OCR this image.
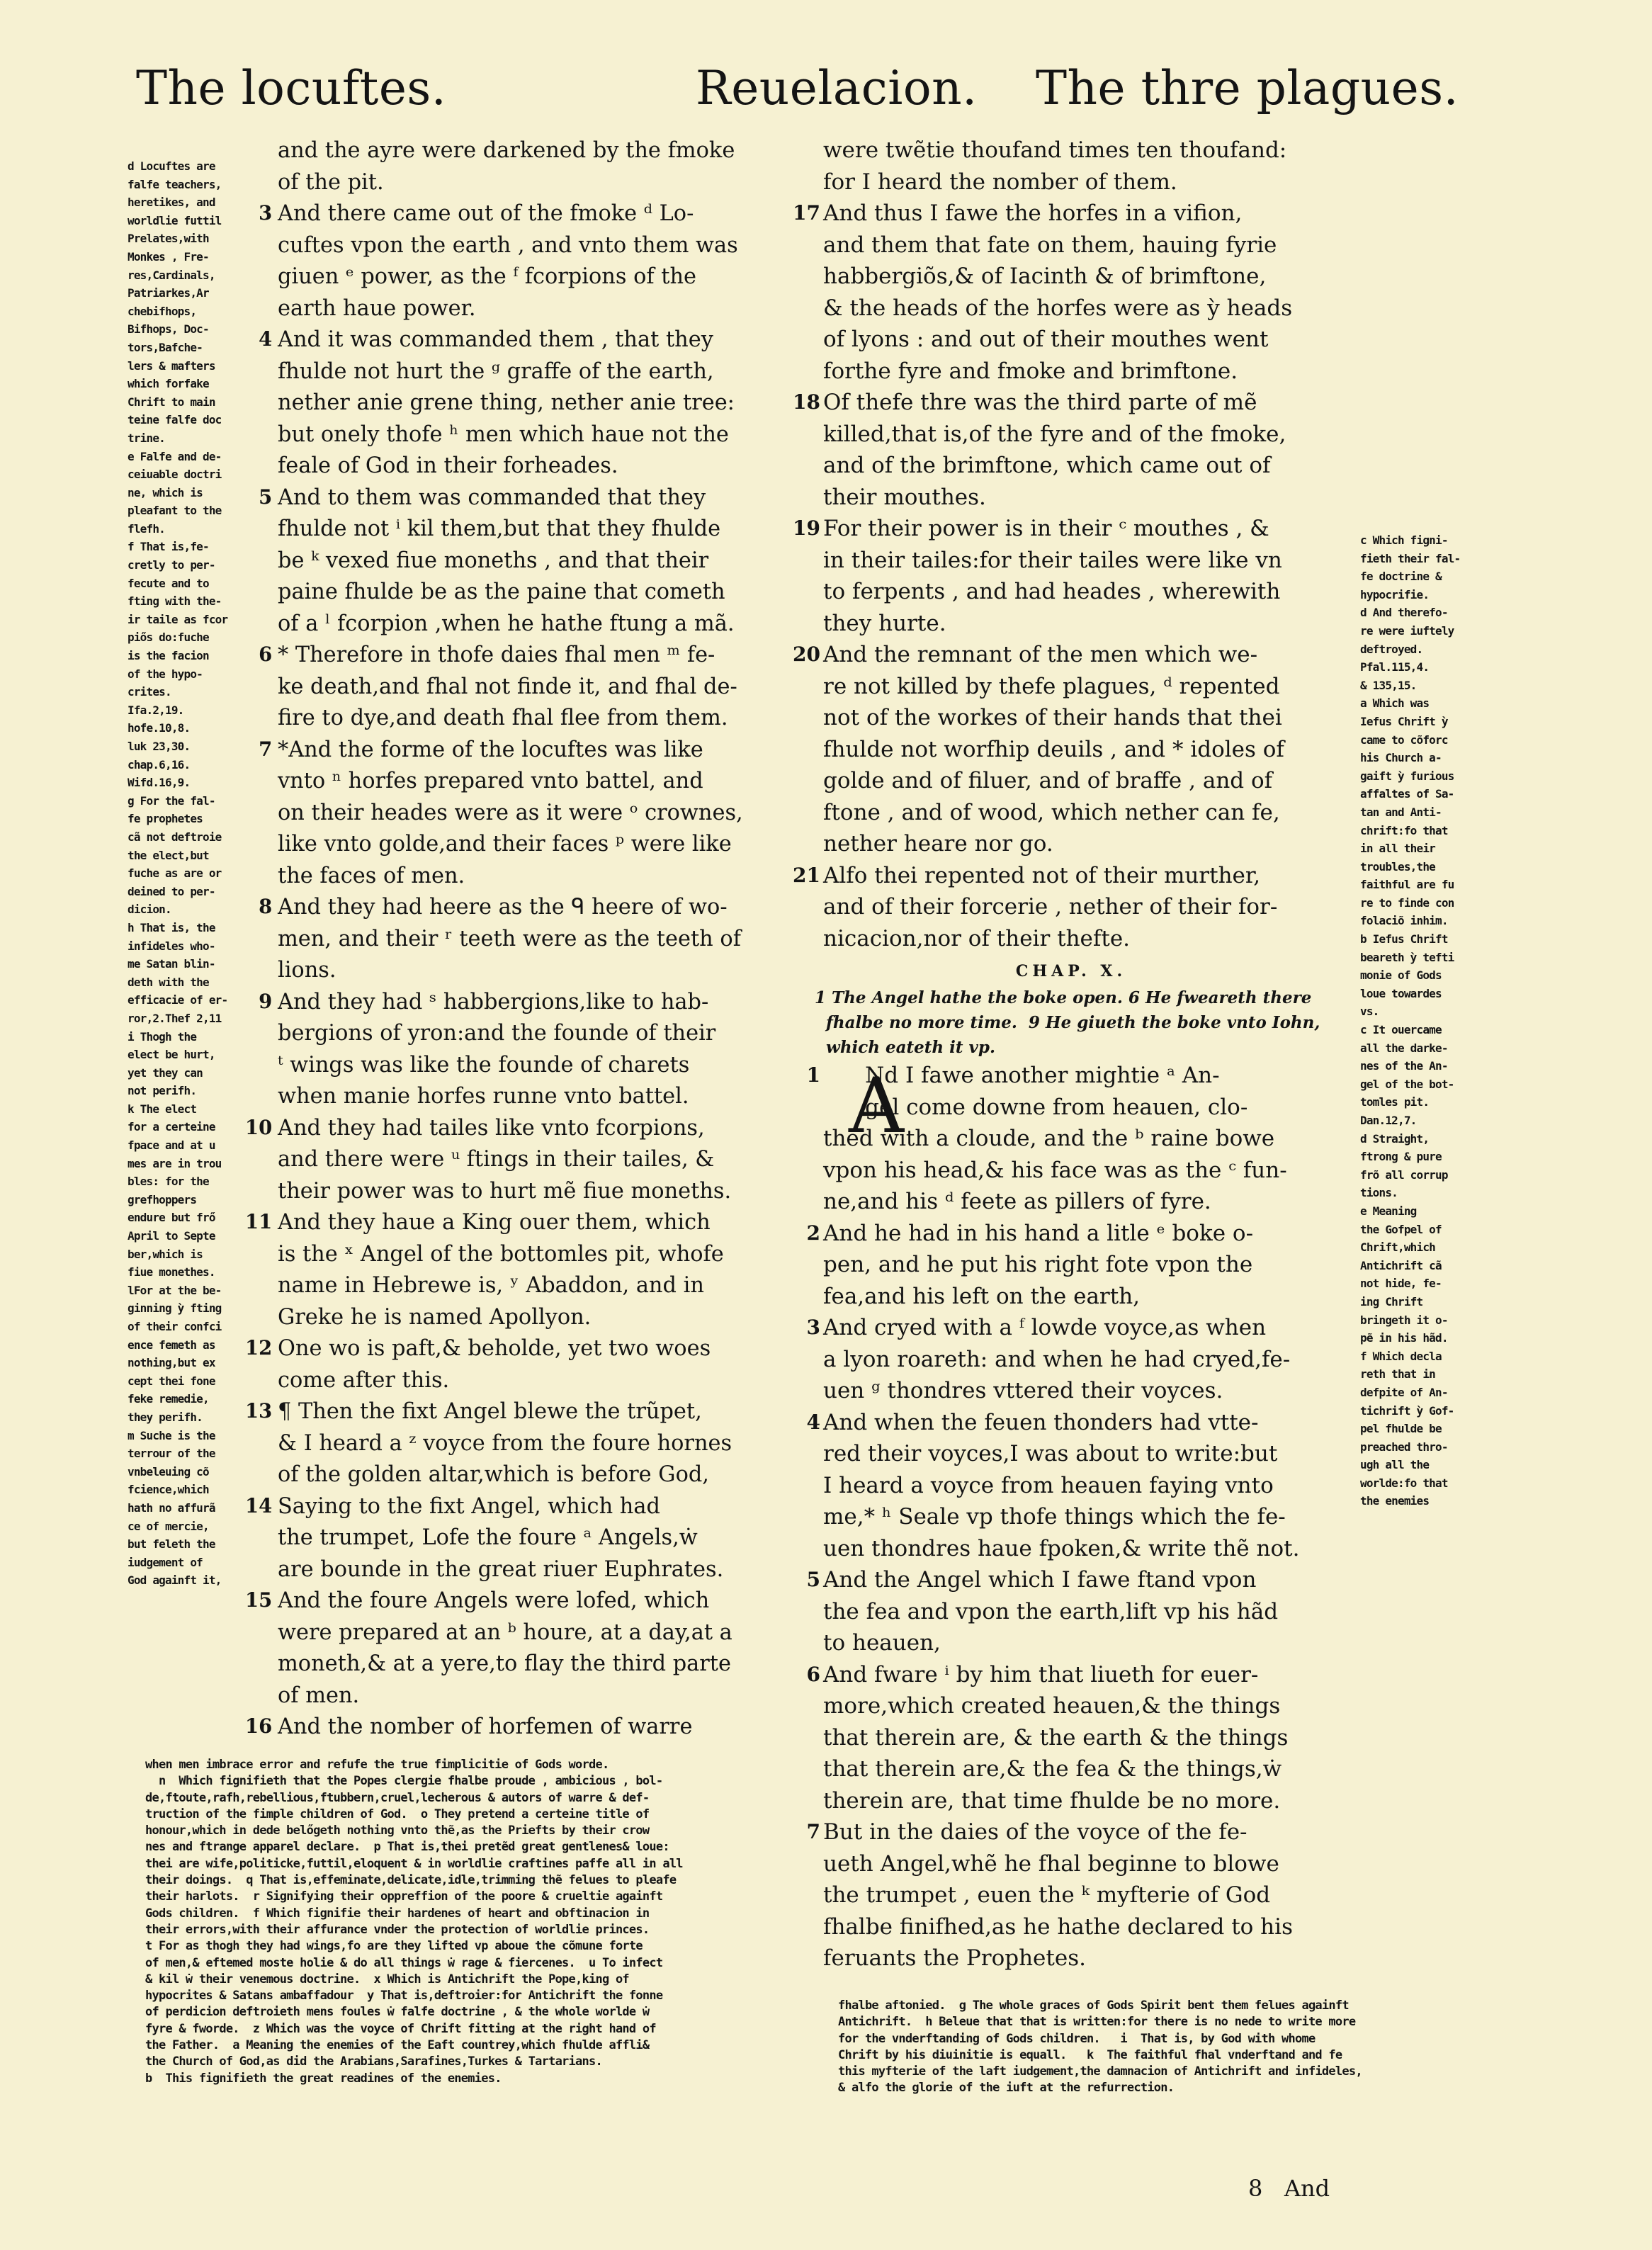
The locuftes.	Reuelacion. The thre plagues.
d Locuftes are
falfe teachers,
heretikes, and
worldlie futtil
Prelates,with
Monkes , Fre-
res,Cardinals,
Patriarkes,Ar
chebifhops,
Bifhops, Doc-
tors,Bafche-
lers & mafters
which forfake
Chrift to main
teine falfe doc
trine.
e Falfe and de-
ceiuable doctri
ne, which is
pleafant to the
flefh.
f That is,fe-
cretly to per-
fecute and to
fting with the-
ir taile as fcor
piős do:fuche
is the facion
of the hypo-
crites.
Ifa.2,19.
hofe.10,8.
luk 23,30.
chap.6,16.
Wifd.16,9.
g For the fal-
fe prophetes
cã not deftroie
the elect,but
fuche as are or
deined to per-
dicion.
h That is, the
infideles who-
me Satan blin-
deth with the
efficacie of er-
ror,2.Thef 2,11
i Thogh the
elect be hurt,
yet they can
not perifh.
k The elect
for a certeine
fpace and at u
mes are in trou
bles: for the
grefhoppers
endure but frő
April to Septe
ber,which is
fiue monethes.
lFor at the be-
ginning ỳ fting
of their confci
ence femeth as
nothing,but ex
cept thei fone
feke remedie,
they perifh.
m Suche is the
terrour of the
vnbeleuing cõ
fcience,which
hath no affurã
ce of mercie,
but feleth the
iudgement of
God againft it,
and the ayre were darkened by the fmoke
of the pit.
3 And there came out of the fmoke ᵈ Lo-
cuftes vpon the earth , and vnto them was
giuen ᵉ power, as the ᶠ fcorpions of the
earth haue power.
4 And it was commanded them , that they
fhulde not hurt the ᵍ graffe of the earth,
nether anie grene thing, nether anie tree:
but onely thofe ʰ men which haue not the
feale of God in their forheades.
5 And to them was commanded that they
fhulde not ⁱ kil them,but that they fhulde
be ᵏ vexed fiue moneths , and that their
paine fhulde be as the paine that cometh
of a ˡ fcorpion ,when he hathe ftung a mã.
6 * Therefore in thofe daies fhal men ᵐ fe-
ke death,and fhal not finde it, and fhal de-
fire to dye,and death fhal flee from them.
7 *And the forme of the locuftes was like
vnto ⁿ horfes prepared vnto battel, and
on their heades were as it were ᵒ crownes,
like vnto golde,and their faces ᵖ were like
the faces of men.
8 And they had heere as the ᑫ heere of wo-
men, and their ʳ teeth were as the teeth of
lions.
9 And they had ˢ habbergions,like to hab-
bergions of yron:and the founde of their
ᵗ wings was like the founde of charets
when manie horfes runne vnto battel.
10 And they had tailes like vnto fcorpions,
and there were ᵘ ftings in their tailes, &
their power was to hurt mẽ fiue moneths.
11 And they haue a King ouer them, which
is the ˣ Angel of the bottomles pit, whofe
name in Hebrewe is, ʸ Abaddon, and in
Greke he is named Apollyon.
12 One wo is paft,& beholde, yet two woes
come after this.
13 ¶ Then the fixt Angel blewe the trũpet,
& I heard a ᶻ voyce from the foure hornes
of the golden altar,which is before God,
14 Saying to the fixt Angel, which had
the trumpet, Lofe the foure ᵃ Angels,ẇ
are bounde in the great riuer Euphrates.
15 And the foure Angels were lofed, which
were prepared at an ᵇ houre, at a day,at a
moneth,& at a yere,to flay the third parte
of men.
16 And the nomber of horfemen of warre
were twẽtie thoufand times ten thoufand:
for I heard the nomber of them.
17 And thus I fawe the horfes in a vifion,
and them that fate on them, hauing fyrie
habbergiõs,& of Iacinth & of brimftone,
& the heads of the horfes were as ỳ heads
of lyons : and out of their mouthes went
forthe fyre and fmoke and brimftone.
18 Of thefe thre was the third parte of mẽ
killed,that is,of the fyre and of the fmoke,
and of the brimftone, which came out of
their mouthes.
19 For their power is in their ᶜ mouthes , &
in their tailes:for their tailes were like vn
to ferpents , and had heades , wherewith
they hurte.
20 And the remnant of the men which we-
re not killed by thefe plagues, ᵈ repented
not of the workes of their hands that thei
fhulde not worfhip deuils , and * idoles of
golde and of filuer, and of braffe , and of
ftone , and of wood, which nether can fe,
nether heare nor go.
21 Alfo thei repented not of their murther,
and of their forcerie , nether of their for-
nicacion,nor of their thefte.
CHAP. X.
1 The Angel hathe the boke open. 6 He fweareth there
fhalbe no more time.  9 He giueth the boke vnto Iohn,
which eateth it vp.
A
1 Nd I fawe another mightie ᵃ An-
gel come downe from heauen, clo-
thed with a cloude, and the ᵇ raine bowe
vpon his head,& his face was as the ᶜ fun-
ne,and his ᵈ feete as pillers of fyre.
2 And he had in his hand a litle ᵉ boke o-
pen, and he put his right fote vpon the
fea,and his left on the earth,
3 And cryed with a ᶠ lowde voyce,as when
a lyon roareth: and when he had cryed,fe-
uen ᵍ thondres vttered their voyces.
4 And when the feuen thonders had vtte-
red their voyces,I was about to write:but
I heard a voyce from heauen faying vnto
me,* ʰ Seale vp thofe things which the fe-
uen thondres haue fpoken,& write thẽ not.
5 And the Angel which I fawe ftand vpon
the fea and vpon the earth,lift vp his hãd
to heauen,
6 And fware ⁱ by him that liueth for euer-
more,which created heauen,& the things
that therein are, & the earth & the things
that therein are,& the fea & the things,ẇ
therein are, that time fhulde be no more.
7 But in the daies of the voyce of the fe-
ueth Angel,whẽ he fhal beginne to blowe
the trumpet , euen the ᵏ myfterie of God
fhalbe finifhed,as he hathe declared to his
feruants the Prophetes.
c Which figni-
fieth their fal-
fe doctrine &
hypocrifie.
d And therefo-
re were iuftely
deftroyed.
Pfal.115,4.
& 135,15.
a Which was
Iefus Chrift ỳ
came to cõforc
his Church a-
gaift ỳ furious
affaltes of Sa-
tan and Anti-
chrift:fo that
in all their
troubles,the
faithful are fu
re to finde con
folaciõ inhim.
b Iefus Chrift
beareth ỳ tefti
monie of Gods
loue towardes
vs.
c It ouercame
all the darke-
nes of the An-
gel of the bot-
tomles pit.
Dan.12,7.
d Straight,
ftrong & pure
frõ all corrup
tions.
e Meaning
the Gofpel of
Chrift,which
Antichrift cã
not hide, fe-
ing Chrift
bringeth it o-
pẽ in his hãd.
f Which decla
reth that in
defpite of An-
tichrift ỳ Gof-
pel fhulde be
preached thro-
ugh all the
worlde:fo that
the enemies
when men imbrace error and refufe the true fimplicitie of Gods worde.
n  Which fignifieth that the Popes clergie fhalbe proude , ambicious , bol-
de,ftoute,rafh,rebellious,ftubbern,cruel,lecherous & autors of warre & def-
truction of the fimple children of God.  o They pretend a certeine title of
honour,which in dede belőgeth nothing vnto thẽ,as the Priefts by their crow
nes and ftrange apparel declare.  p That is,thei pretẽd great gentlenes& loue:
thei are wife,politicke,futtil,eloquent & in worldlie craftines paffe all in all
their doings.  q That is,effeminate,delicate,idle,trimming thẽ felues to pleafe
their harlots.  r Signifying their oppreffion of the poore & crueltie againft
Gods children.  f Which fignifie their hardenes of heart and obftinacion in
their errors,with their affurance vnder the protection of worldlie princes.
t For as thogh they had wings,fo are they lifted vp aboue the cõmune forte
of men,& eftemed moste holie & do all things ẇ rage & fiercenes.  u To infect
& kil ẇ their venemous doctrine.  x Which is Antichrift the Pope,king of
hypocrites & Satans ambaffadour  y That is,deftroier:for Antichrift the fonne
of perdicion deftroieth mens foules ẇ falfe doctrine , & the whole worlde ẇ
fyre & fworde.  z Which was the voyce of Chrift fitting at the right hand of
the Father.  a Meaning the enemies of the Eaft countrey,which fhulde affli&
the Church of God,as did the Arabians,Sarafines,Turkes & Tartarians.
b  This fignifieth the great readines of the enemies.
fhalbe aftonied.  g The whole graces of Gods Spirit bent them felues againft
Antichrift.  h Beleue that that is written:for there is no nede to write more
for the vnderftanding of Gods children.   i  That is, by God with whome
Chrift by his diuinitie is equall.   k  The faithful fhal vnderftand and fe
this myfterie of the laft iudgement,the damnacion of Antichrift and infideles,
& alfo the glorie of the iuft at the refurrection.
8   And
